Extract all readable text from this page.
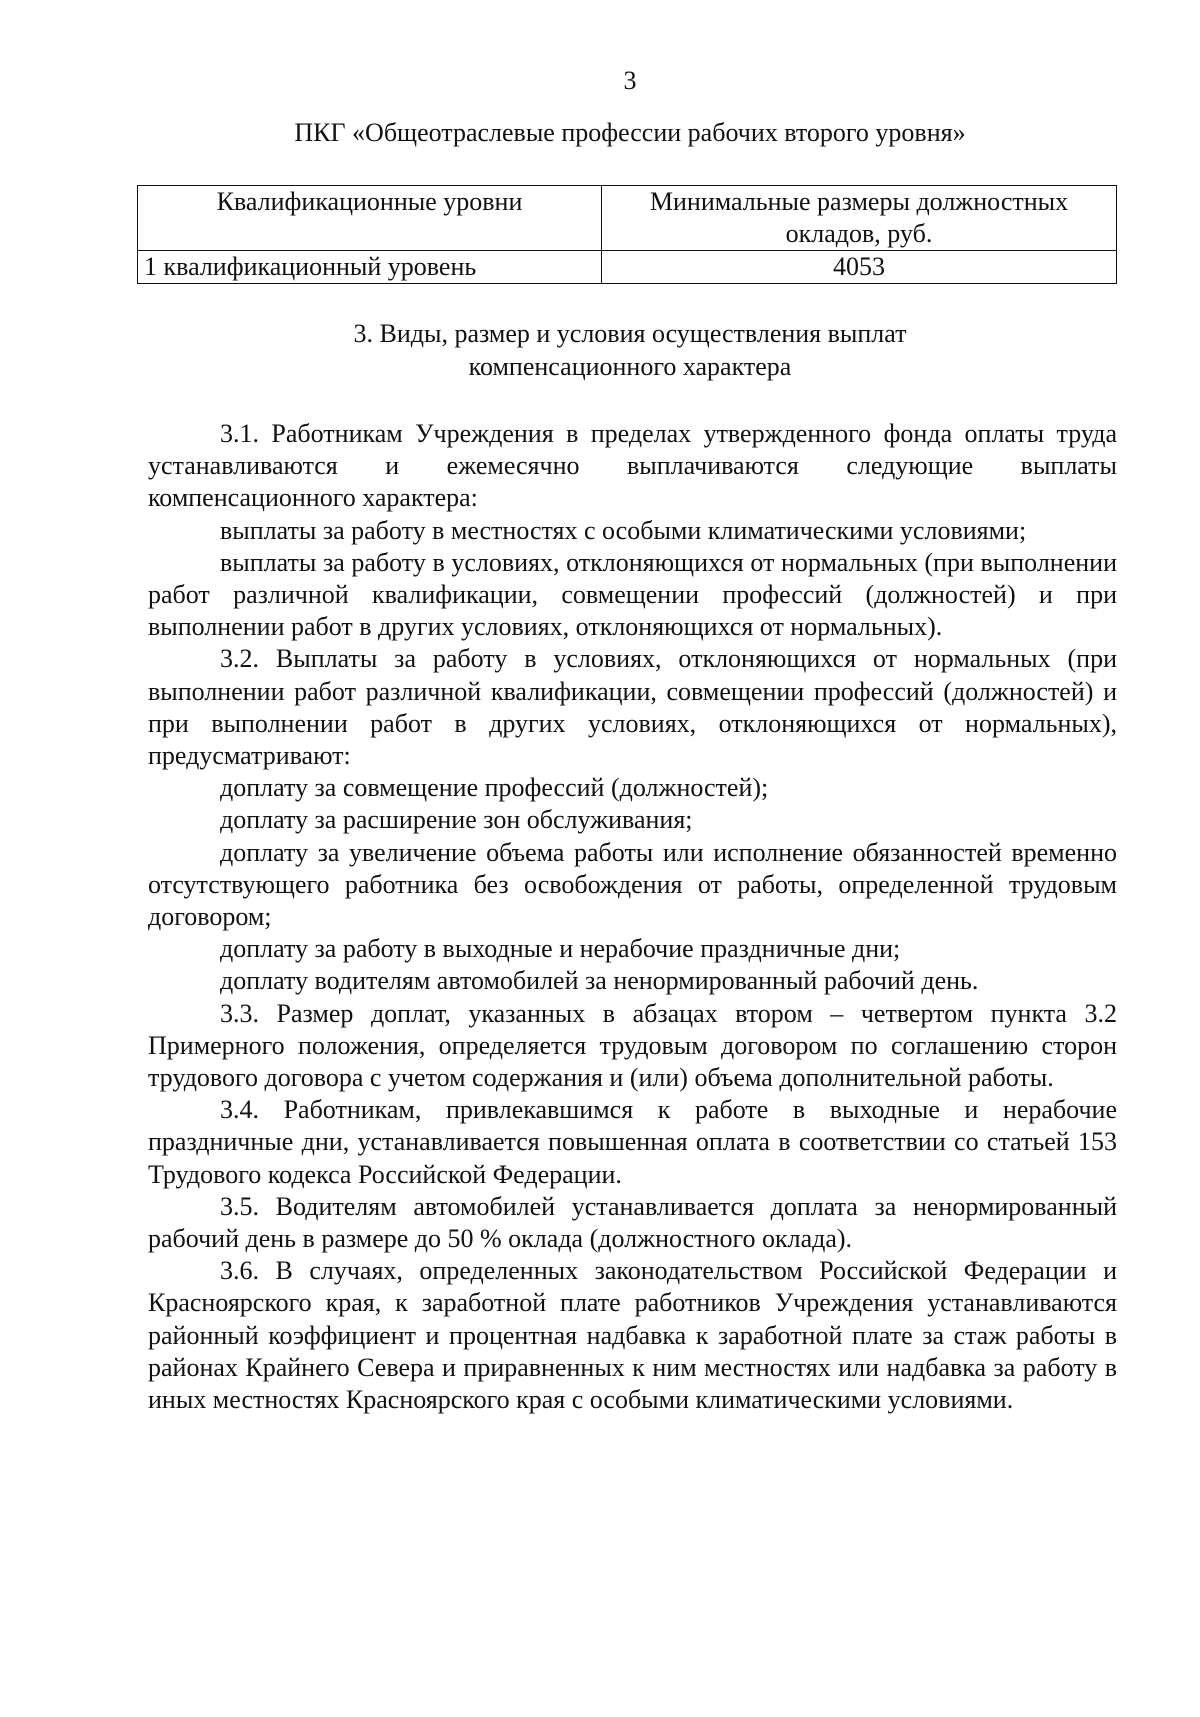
3
ПКГ «Общеотраслевые профессии рабочих второго уровня»
Квалификационные уровни	Минимальные размеры должностных окладов, руб.
1 квалификационный уровень	4053
3. Виды, размер и условия осуществления выплат
компенсационного характера

3.1. Работникам Учреждения в пределах утвержденного фонда оплаты труда устанавливаются и ежемесячно выплачиваются следующие выплаты компенсационного характера:

выплаты за работу в местностях с особыми климатическими условиями;

выплаты за работу в условиях, отклоняющихся от нормальных (при выполнении работ различной квалификации, совмещении профессий (должностей) и при выполнении работ в других условиях, отклоняющихся от нормальных).

3.2. Выплаты за работу в условиях, отклоняющихся от нормальных (при выполнении работ различной квалификации, совмещении профессий (должностей) и при выполнении работ в других условиях, отклоняющихся от нормальных), предусматривают:

доплату за совмещение профессий (должностей);

доплату за расширение зон обслуживания;

доплату за увеличение объема работы или исполнение обязанностей временно отсутствующего работника без освобождения от работы, определенной трудовым договором;

доплату за работу в выходные и нерабочие праздничные дни;

доплату водителям автомобилей за ненормированный рабочий день.

3.3. Размер доплат, указанных в абзацах втором – четвертом пункта 3.2 Примерного положения, определяется трудовым договором по соглашению сторон трудового договора с учетом содержания и (или) объема дополнительной работы.

3.4. Работникам, привлекавшимся к работе в выходные и нерабочие праздничные дни, устанавливается повышенная оплата в соответствии со статьей 153 Трудового кодекса Российской Федерации.

3.5. Водителям автомобилей устанавливается доплата за ненормированный рабочий день в размере до 50 % оклада (должностного оклада).

3.6. В случаях, определенных законодательством Российской Федерации и Красноярского края, к заработной плате работников Учреждения устанавливаются районный коэффициент и процентная надбавка к заработной плате за стаж работы в районах Крайнего Севера и приравненных к ним местностях или надбавка за работу в иных местностях Красноярского края с особыми климатическими условиями.
